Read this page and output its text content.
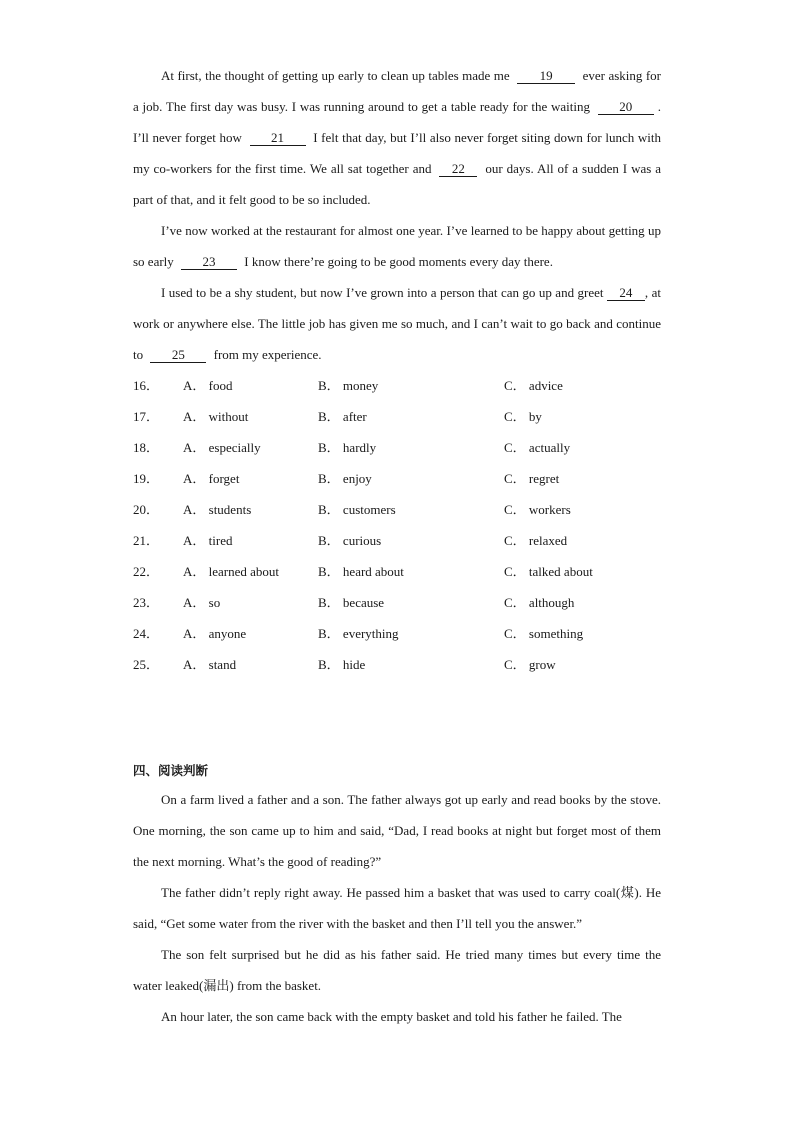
At first, the thought of getting up early to clean up tables made me 19 ever asking for a job. The first day was busy. I was running around to get a table ready for the waiting 20 . I’ll never forget how 21 I felt that day, but I’ll also never forget siting down for lunch with my co-workers for the first time. We all sat together and 22 our days. All of a sudden I was a part of that, and it felt good to be so included.

I’ve now worked at the restaurant for almost one year. I’ve learned to be happy about getting up so early 23 I know there’re going to be good moments every day there.

I used to be a shy student, but now I’ve grown into a person that can go up and greet 24 , at work or anywhere else. The little job has given me so much, and I can’t wait to go back and continue to 25 from my experience.

16．	A． food	B． money	C． advice
17．	A． without	B． after	C． by
18．	A． especially	B． hardly	C． actually
19．	A． forget	B． enjoy	C． regret
20．	A． students	B． customers	C． workers
21．	A． tired	B． curious	C． relaxed
22．	A． learned about	B． heard about	C． talked about
23．	A． so	B． because	C． although
24．	A． anyone	B． everything	C． something
25．	A． stand	B． hide	C． grow
四、阅读判断

On a farm lived a father and a son. The father always got up early and read books by the stove. One morning, the son came up to him and said, “Dad, I read books at night but forget most of them the next morning. What’s the good of reading?”

The father didn’t reply right away. He passed him a basket that was used to carry coal(煤). He said, “Get some water from the river with the basket and then I’ll tell you the answer.”

The son felt surprised but he did as his father said. He tried many times but every time the water leaked(漏出) from the basket.

An hour later, the son came back with the empty basket and told his father he failed. The
